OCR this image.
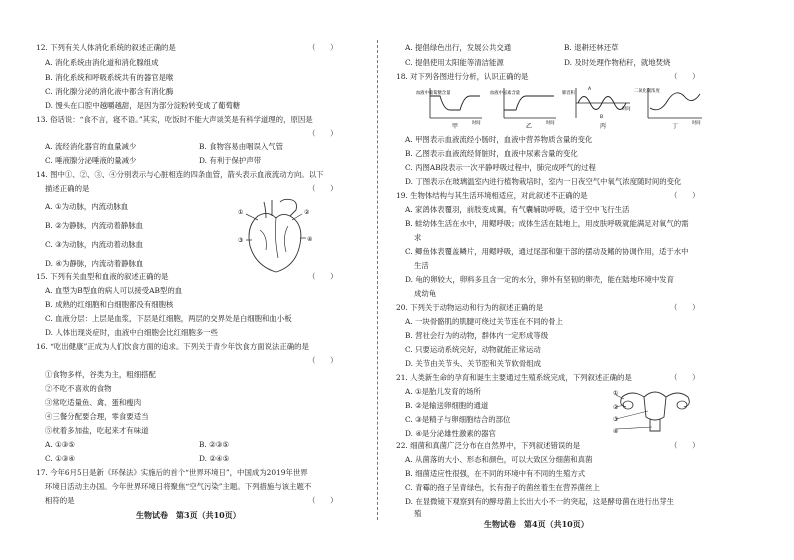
12. 下列有关人体消化系统的叙述正确的是	（　　）
A. 消化系统由消化道和消化腺组成
B. 消化系统和呼吸系统共有的器官是喉
C. 消化腺分泌的消化液中都含有消化酶
D. 馒头在口腔中越嚼越甜，是因为部分淀粉转变成了葡萄糖
13. 俗话说：“食不言，寝不语。”其实，吃饭时不能大声谈笑是有科学道理的，原因是
（　　）
A. 流经消化器官的血量减少	B. 食物容易由咽误入气管
C. 唾液腺分泌唾液的量减少	D. 有利于保护声带
14. 图中①、②、③、④分别表示与心脏相连的四条血管，箭头表示血液流动方向。以下
描述正确的是	（　　）
A. ①为动脉，内流动脉血
B. ②为静脉，内流动着静脉血
C. ③为动脉，内流动着动脉血
D. ④为静脉，内流动着静脉血
①	②
③	④
15. 下列有关血型和血液的叙述正确的是	（　　）
A. 血型为B型血的病人可以接受AB型的血
B. 成熟的红细胞和白细胞都没有细胞核
C. 血液分层：上层是血浆，下层是红细胞，两层的交界处是白细胞和血小板
D. 人体出现炎症时，血液中白细胞会比红细胞多一些
16. “吃出健康”正成为人们饮食方面的追求。下列关于青少年饮食方面说法正确的是
（　　）
①食物多样，谷类为主，粗细搭配
②不吃不喜欢的食物
③常吃适量鱼、禽、蛋和瘦肉
④三餐分配要合理，零食要适当
⑤枕着多加盐，吃起来才有味道
A. ①③⑤	B. ②③⑤
C. ①③④	D. ②④⑤
17. 今年6月5日是新《环保法》实施后的首个“世界环境日”，中国成为2019年世界
环境日活动主办国。今年世界环境日将聚焦“空气污染”主题。下列措施与该主题不
相符的是	（　　）
生物试卷　第3页（共10页）
A. 提倡绿色出行，发展公共交通	B. 退耕还林还草
C. 提倡使用太阳能等清洁能源	D. 及时处理作物秸秆，就地焚烧
18. 对下列各图进行分析，认识正确的是	（　　）
血液中葡萄糖含量
时间
甲
血液中尿素含量
时间
乙
肺容积
时间
A
B
丙
二氧化碳浓度
时间
丁
A. 甲图表示血液流经小肠时，血液中营养物质含量的变化
B. 乙图表示血液流经肾脏时，血液中尿素含量的变化
C. 丙图AB段表示一次平静呼吸过程中，肺完成呼气的过程
D. 丁图表示在玻璃温室内进行植物栽培时，室内一日夜空气中氧气浓度随时间的变化
19. 生物体结构与其生活环境相适应，对此叙述不正确的是	（　　）
A. 家鸽体表覆羽，前肢变成翼，有气囊辅助呼吸，适于空中飞行生活
B. 蛙幼体生活在水中，用鳃呼吸；成体生活在陆地上，用皮肤呼吸就能满足对氧气的需
求
C. 鲫鱼体表覆盖鳞片，用鳃呼吸，通过尾部和躯干部的摆动及鳍的协调作用，适于水中
生活
D. 龟的卵较大，卵料多且含一定的水分，卵外有坚韧的卵壳，能在陆地环境中发育
成幼龟
20. 下列关于动物运动和行为的叙述正确的是	（　　）
A. 一块骨骼肌的肌腱可绕过关节连在不同的骨上
B. 营社会行为的动物，群体内一定形成等级
C. 只要运动系统完好，动物就能正常运动
D. 关节由关节头、关节腔和关节软骨组成
21. 人类新生命的孕育和诞生主要通过生殖系统完成，下列叙述正确的是	（　　）
A. ①是胎儿发育的场所
B. ②是输送卵细胞的通道
C. ③是精子与卵细胞结合的部位
D. ④是分泌雄性激素的器官
①
②
③
④
22. 细菌和真菌广泛分布在自然界中，下列叙述错误的是	（　　）
A. 从菌落的大小、形态和颜色，可以大致区分细菌和真菌
B. 细菌适应性很强，在不同的环境中有不同的生殖方式
C. 青霉的孢子呈青绿色，长有孢子的菌丝着生在营养菌丝上
D. 在显微镜下观察到有的酵母菌上长出大小不一的突起，这是酵母菌在进行出芽生
殖
生物试卷　第4页（共10页）
